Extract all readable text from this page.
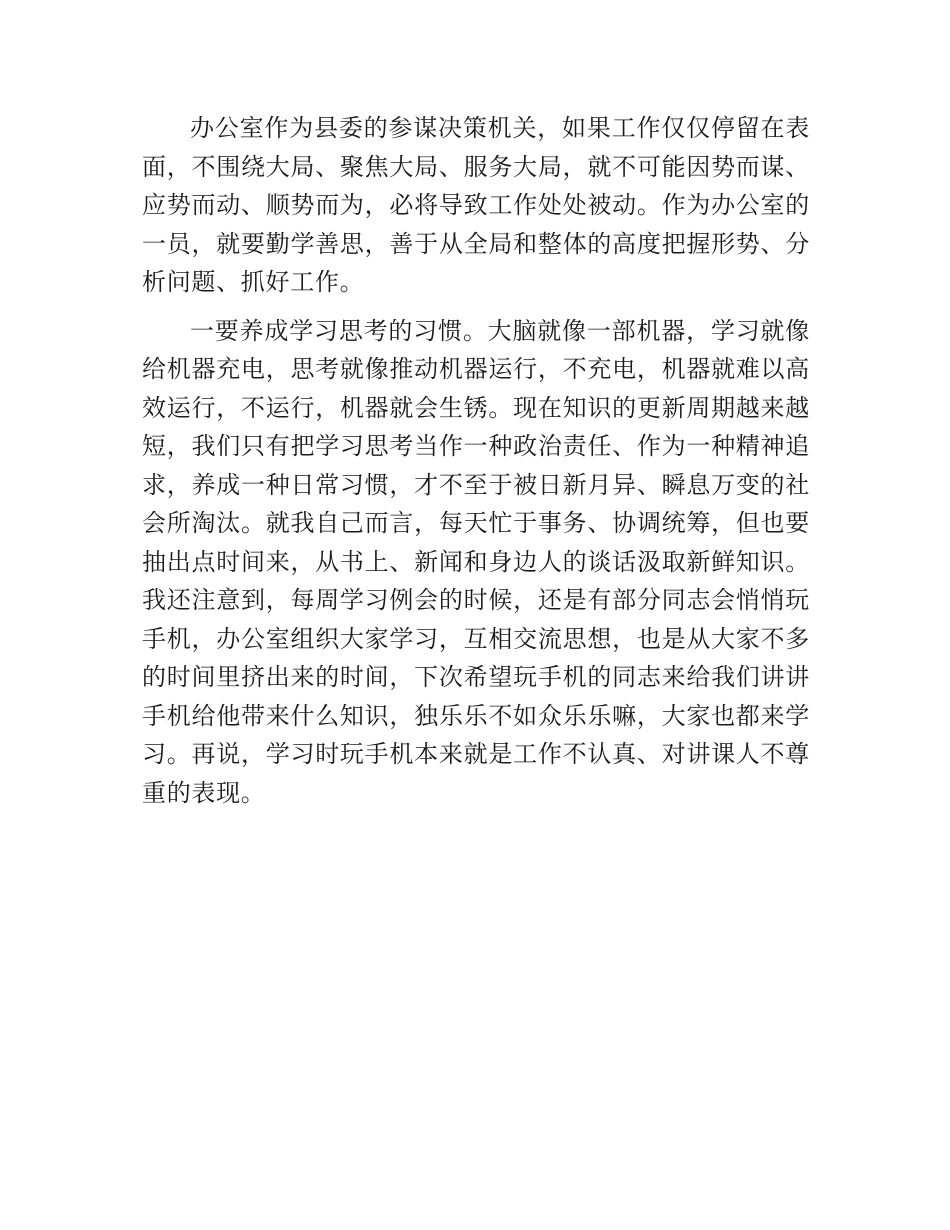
办公室作为县委的参谋决策机关，如果工作仅仅停留在表面，不围绕大局、聚焦大局、服务大局，就不可能因势而谋、应势而动、顺势而为，必将导致工作处处被动。作为办公室的一员，就要勤学善思，善于从全局和整体的高度把握形势、分析问题、抓好工作。

一要养成学习思考的习惯。大脑就像一部机器，学习就像给机器充电，思考就像推动机器运行，不充电，机器就难以高效运行，不运行，机器就会生锈。现在知识的更新周期越来越短，我们只有把学习思考当作一种政治责任、作为一种精神追求，养成一种日常习惯，才不至于被日新月异、瞬息万变的社会所淘汰。就我自己而言，每天忙于事务、协调统筹，但也要抽出点时间来，从书上、新闻和身边人的谈话汲取新鲜知识。我还注意到，每周学习例会的时候，还是有部分同志会悄悄玩手机，办公室组织大家学习，互相交流思想，也是从大家不多的时间里挤出来的时间，下次希望玩手机的同志来给我们讲讲手机给他带来什么知识，独乐乐不如众乐乐嘛，大家也都来学习。再说，学习时玩手机本来就是工作不认真、对讲课人不尊重的表现。
